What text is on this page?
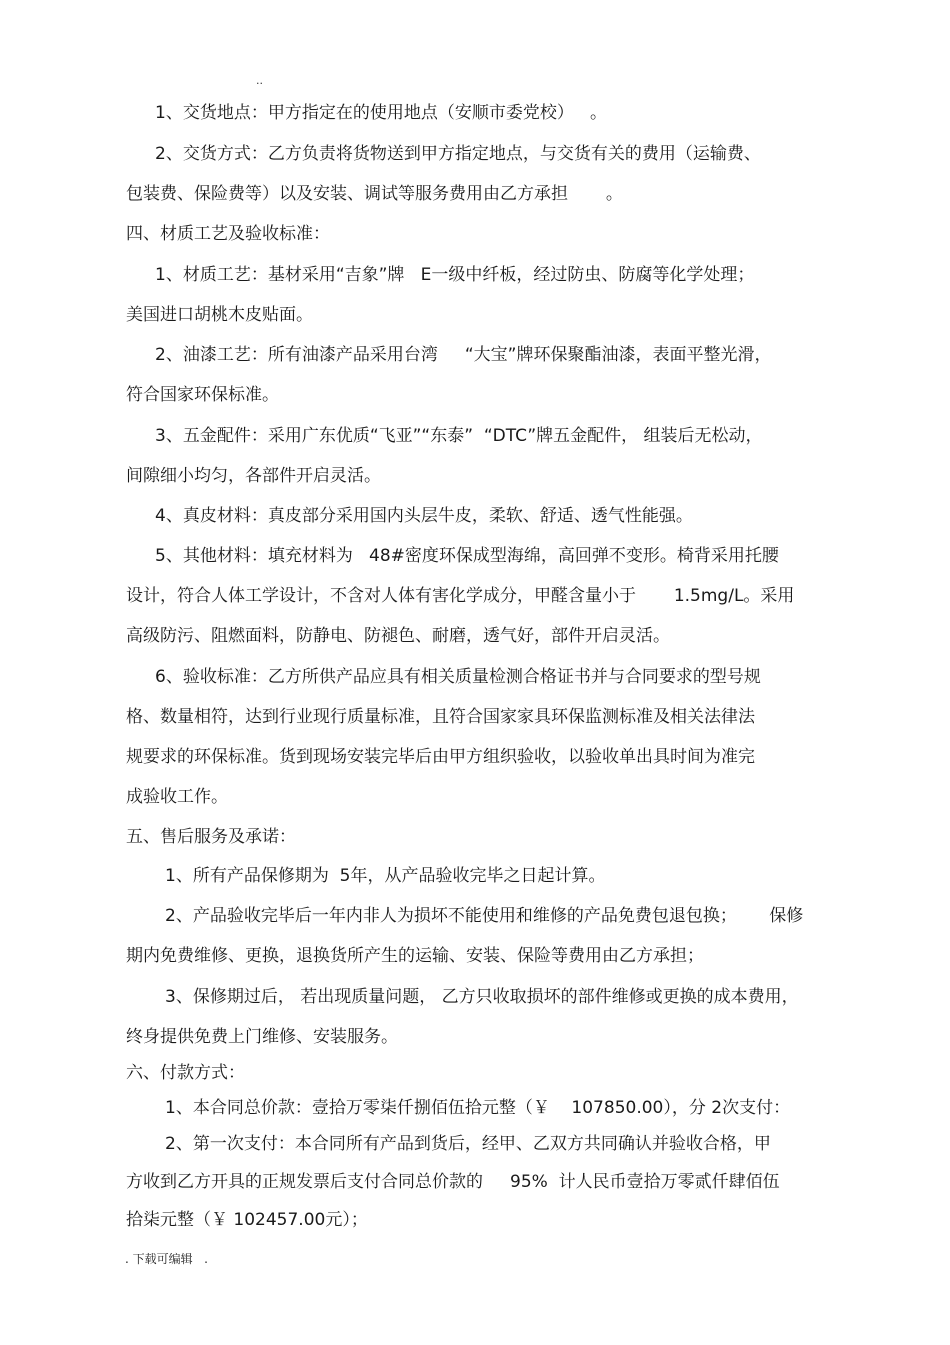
..
1、交货地点：甲方指定在的使用地点（安顺市委党校）   。
2、交货方式：乙方负责将货物送到甲方指定地点，与交货有关的费用（运输费、
包装费、保险费等）以及安装、调试等服务费用由乙方承担       。
四、材质工艺及验收标准：
1、材质工艺：基材采用“吉象”牌   E一级中纤板，经过防虫、防腐等化学处理；
美国进口胡桃木皮贴面。
2、油漆工艺：所有油漆产品采用台湾     “大宝”牌环保聚酯油漆，表面平整光滑，
符合国家环保标准。
3、五金配件：采用广东优质“飞亚”“东泰”  “DTC”牌五金配件， 组装后无松动，
间隙细小均匀，各部件开启灵活。
4、真皮材料：真皮部分采用国内头层牛皮，柔软、舒适、透气性能强。
5、其他材料：填充材料为   48#密度环保成型海绵，高回弹不变形。椅背采用托腰
设计，符合人体工学设计，不含对人体有害化学成分，甲醛含量小于       1.5mg/L。采用
高级防污、阻燃面料，防静电、防褪色、耐磨，透气好，部件开启灵活。
6、验收标准：乙方所供产品应具有相关质量检测合格证书并与合同要求的型号规
格、数量相符，达到行业现行质量标准，且符合国家家具环保监测标准及相关法律法
规要求的环保标准。货到现场安装完毕后由甲方组织验收，以验收单出具时间为准完
成验收工作。
五、售后服务及承诺：
1、所有产品保修期为  5年，从产品验收完毕之日起计算。
2、产品验收完毕后一年内非人为损坏不能使用和维修的产品免费包退包换；      保修
期内免费维修、更换，退换货所产生的运输、安装、保险等费用由乙方承担；
3、保修期过后， 若出现质量问题， 乙方只收取损坏的部件维修或更换的成本费用，
终身提供免费上门维修、安装服务。
六、付款方式：
1、本合同总价款：壹拾万零柒仟捌佰伍拾元整（￥    107850.00），分 2次支付：
2、第一次支付：本合同所有产品到货后，经甲、乙双方共同确认并验收合格，甲
方收到乙方开具的正规发票后支付合同总价款的     95%  计人民币壹拾万零贰仟肆佰伍
拾柒元整（￥ 102457.00元）；
. 下载可编辑   .
